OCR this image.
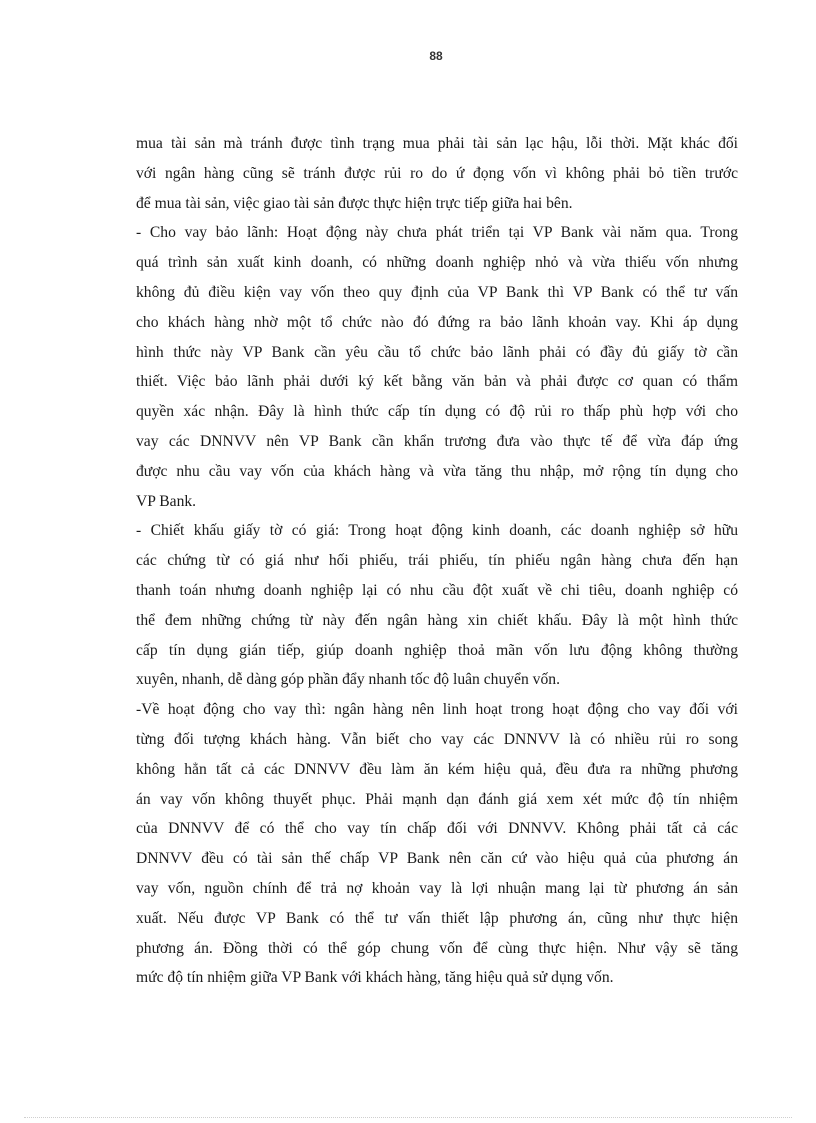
88
mua tài sản mà tránh được tình trạng mua phải tài sản lạc hậu, lỗi thời. Mặt khác đối
với ngân hàng cũng sẽ tránh được rủi ro do ứ đọng vốn vì không phải bỏ tiền trước
để mua tài sản, việc giao tài sản được thực hiện trực tiếp giữa hai bên.
- Cho vay bảo lãnh: Hoạt động này chưa phát triển tại VP Bank vài năm qua. Trong
quá trình sản xuất kinh doanh, có những doanh nghiệp nhỏ và vừa thiếu vốn nhưng
không đủ điều kiện vay vốn theo quy định của VP Bank thì VP Bank có thể tư vấn
cho khách hàng nhờ một tổ chức nào đó đứng ra bảo lãnh khoản vay. Khi áp dụng
hình thức này VP Bank cần yêu cầu tổ chức bảo lãnh phải có đầy đủ giấy tờ cần
thiết. Việc bảo lãnh phải dưới ký kết bằng văn bản và phải được cơ quan có thẩm
quyền xác nhận. Đây là hình thức cấp tín dụng có độ rủi ro thấp phù hợp với cho
vay các DNNVV nên VP Bank cần khẩn trương đưa vào thực tế để vừa đáp ứng
được nhu cầu vay vốn của khách hàng và vừa tăng thu nhập, mở rộng tín dụng cho
VP Bank.
- Chiết khấu giấy tờ có giá: Trong hoạt động kinh doanh, các doanh nghiệp sở hữu
các chứng từ có giá như hối phiếu, trái phiếu, tín phiếu ngân hàng chưa đến hạn
thanh toán nhưng doanh nghiệp lại có nhu cầu đột xuất về chi tiêu, doanh nghiệp có
thể đem những chứng từ này đến ngân hàng xin chiết khấu. Đây là một hình thức
cấp tín dụng gián tiếp, giúp doanh nghiệp thoả mãn vốn lưu động không thường
xuyên, nhanh, dễ dàng góp phần đẩy nhanh tốc độ luân chuyển vốn.
-Về hoạt động cho vay thì: ngân hàng nên linh hoạt trong hoạt động cho vay đối với
từng đối tượng khách hàng. Vẫn biết cho vay các DNNVV là có nhiều rủi ro song
không hẳn tất cả các DNNVV đều làm ăn kém hiệu quả, đều đưa ra những phương
án vay vốn không thuyết phục. Phải mạnh dạn đánh giá xem xét mức độ tín nhiệm
của DNNVV để có thể cho vay tín chấp đối với DNNVV. Không phải tất cả các
DNNVV đều có tài sản thế chấp VP Bank nên căn cứ vào hiệu quả của phương án
vay vốn, nguồn chính để trả nợ khoản vay là lợi nhuận mang lại từ phương án sản
xuất. Nếu được VP Bank có thể tư vấn thiết lập phương án, cũng như thực hiện
phương án. Đồng thời có thể góp chung vốn để cùng thực hiện. Như vậy sẽ tăng
mức độ tín nhiệm giữa VP Bank với khách hàng, tăng hiệu quả sử dụng vốn.
